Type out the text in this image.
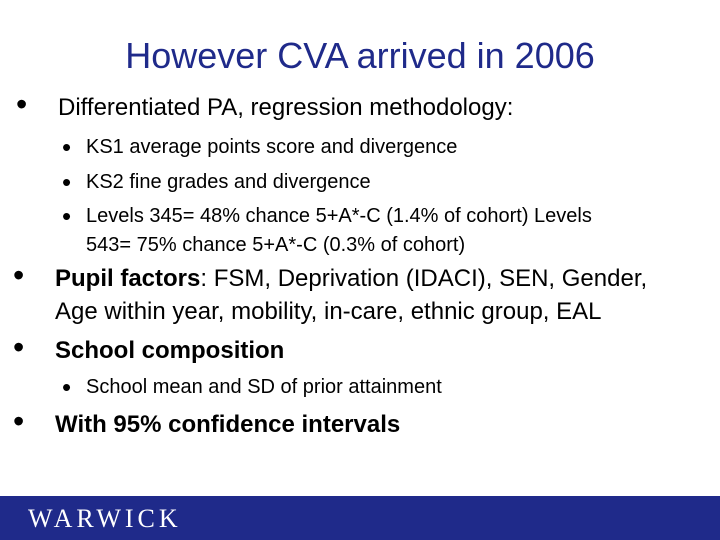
However CVA arrived in 2006
• Differentiated PA, regression methodology:
• KS1 average points score and divergence
• KS2 fine grades and divergence
• Levels 345= 48% chance 5+A*-C (1.4% of cohort) Levels
543= 75% chance 5+A*-C (0.3% of cohort)
• Pupil factors: FSM, Deprivation (IDACI), SEN, Gender,
Age within year, mobility, in-care, ethnic group, EAL
• School composition
• School mean and SD of prior attainment
• With 95% confidence intervals
WARWICK
